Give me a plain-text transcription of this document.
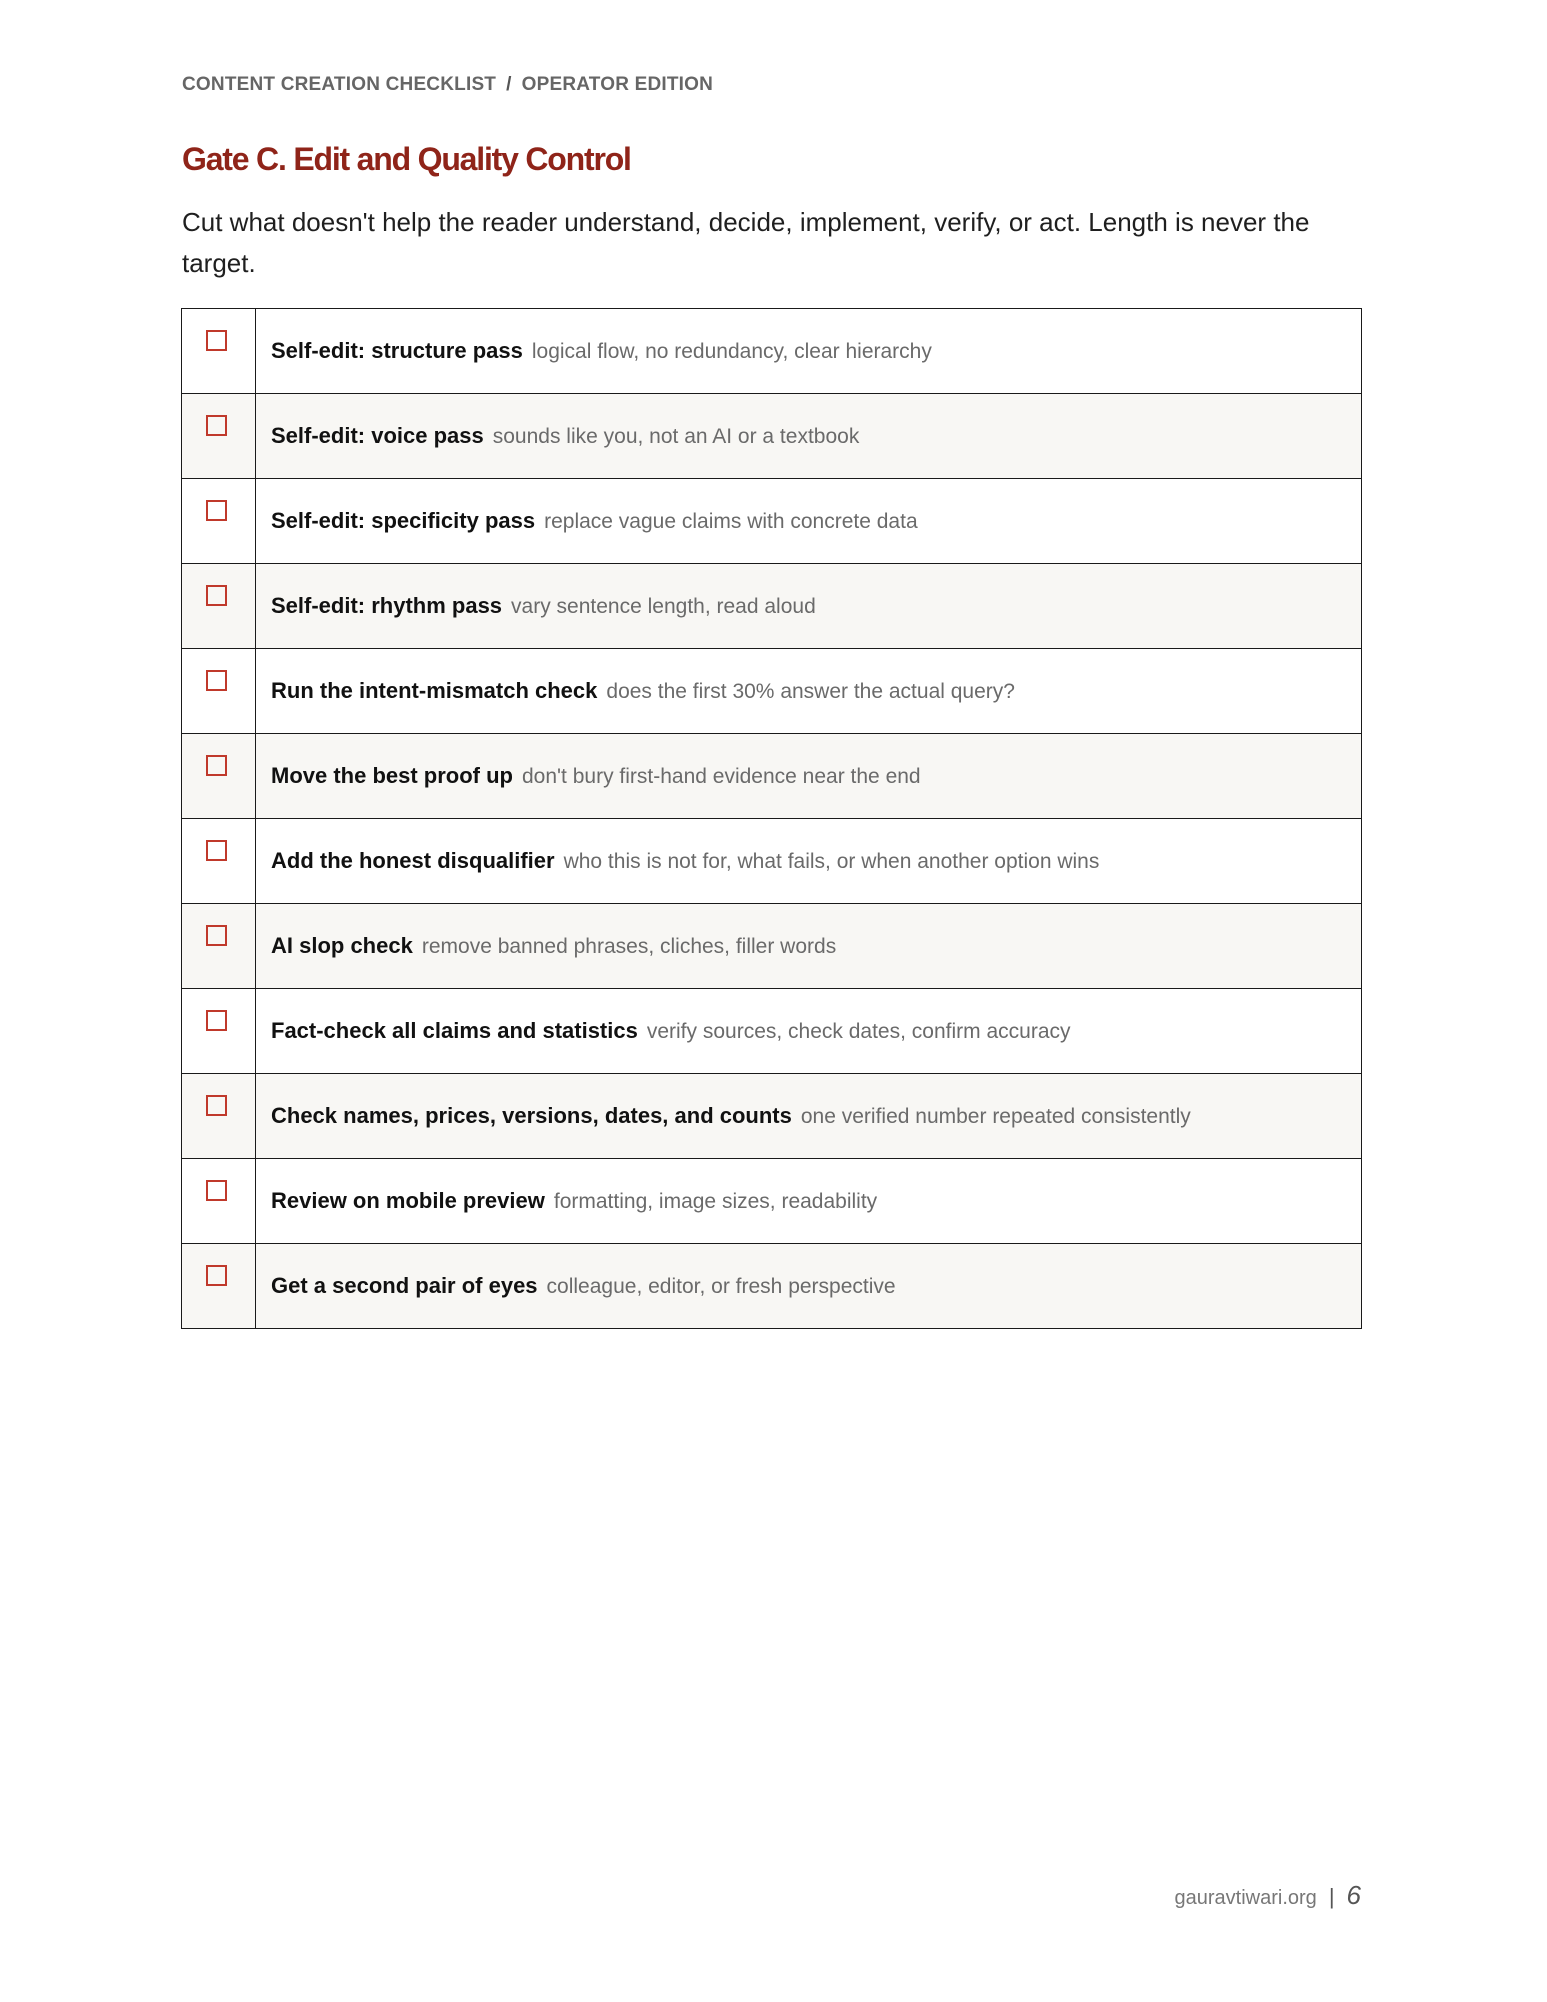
CONTENT CREATION CHECKLIST / OPERATOR EDITION
Gate C. Edit and Quality Control

Cut what doesn't help the reader understand, decide, implement, verify, or act. Length is never the target.

	Self-edit: structure pass logical flow, no redundancy, clear hierarchy

	Self-edit: voice pass sounds like you, not an AI or a textbook

	Self-edit: specificity pass replace vague claims with concrete data

	Self-edit: rhythm pass vary sentence length, read aloud

	Run the intent-mismatch check does the first 30% answer the actual query?

	Move the best proof up don't bury first-hand evidence near the end

	Add the honest disqualifier who this is not for, what fails, or when another option wins

	AI slop check remove banned phrases, cliches, filler words

	Fact-check all claims and statistics verify sources, check dates, confirm accuracy

	Check names, prices, versions, dates, and counts one verified number repeated consistently

	Review on mobile preview formatting, image sizes, readability

	Get a second pair of eyes colleague, editor, or fresh perspective
gauravtiwari.org | 6
